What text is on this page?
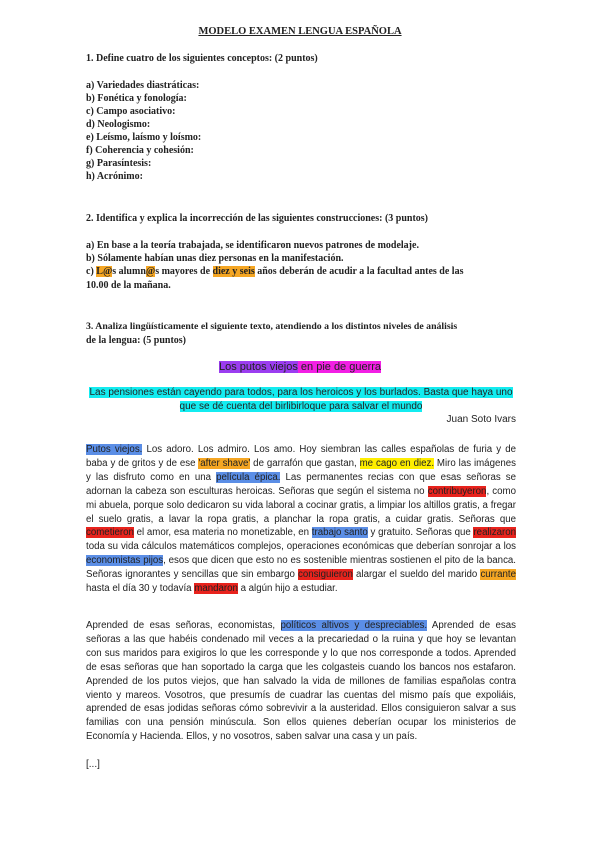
MODELO EXAMEN LENGUA ESPAÑOLA
1. Define cuatro de los siguientes conceptos: (2 puntos)
a) Variedades diastráticas:
b) Fonética y fonología:
c) Campo asociativo:
d) Neologismo:
e) Leísmo, laísmo y loísmo:
f) Coherencia y cohesión:
g) Parasíntesis:
h) Acrónimo:
2. Identifica y explica la incorrección de las siguientes construcciones: (3 puntos)
a) En base a la teoría trabajada, se identificaron nuevos patrones de modelaje.
b) Sólamente habían unas diez personas en la manifestación.
c) L@s alumn@s mayores de diez y seis años deberán de acudir a la facultad antes de las
10.00 de la mañana.
3. Analiza lingüísticamente el siguiente texto, atendiendo a los distintos niveles de análisis
de la lengua: (5 puntos)
Los putos viejos en pie de guerra
Las pensiones están cayendo para todos, para los heroicos y los burlados. Basta que haya uno que se dé cuenta del birlibirloque para salvar el mundo
Juan Soto Ivars
Putos viejos. Los adoro. Los admiro. Los amo. Hoy siembran las calles españolas de furia y de baba y de gritos y de ese 'after shave' de garrafón que gastan, me cago en diez. Miro las imágenes y las disfruto como en una película épica. Las permanentes recias con que esas señoras se adornan la cabeza son esculturas heroicas. Señoras que según el sistema no contribuyeron, como mi abuela, porque solo dedicaron su vida laboral a cocinar gratis, a limpiar los altillos gratis, a fregar el suelo gratis, a lavar la ropa gratis, a planchar la ropa gratis, a cuidar gratis. Señoras que cometieron el amor, esa materia no monetizable, en trabajo santo y gratuito. Señoras que realizaron toda su vida cálculos matemáticos complejos, operaciones económicas que deberían sonrojar a los economistas pijos, esos que dicen que esto no es sostenible mientras sostienen el pito de la banca. Señoras ignorantes y sencillas que sin embargo consiguieron alargar el sueldo del marido currante hasta el día 30 y todavía mandaron a algún hijo a estudiar.
Aprended de esas señoras, economistas, políticos altivos y despreciables. Aprended de esas señoras a las que habéis condenado mil veces a la precariedad o la ruina y que hoy se levantan con sus maridos para exigiros lo que les corresponde y lo que nos corresponde a todos. Aprended de esas señoras que han soportado la carga que les colgasteis cuando los bancos nos estafaron. Aprended de los putos viejos, que han salvado la vida de millones de familias españolas contra viento y mareos. Vosotros, que presumís de cuadrar las cuentas del mismo país que expoliáis, aprended de esas jodidas señoras cómo sobrevivir a la austeridad. Ellos consiguieron salvar a sus familias con una pensión minúscula. Son ellos quienes deberían ocupar los ministerios de Economía y Hacienda. Ellos, y no vosotros, saben salvar una casa y un país.
[...]
